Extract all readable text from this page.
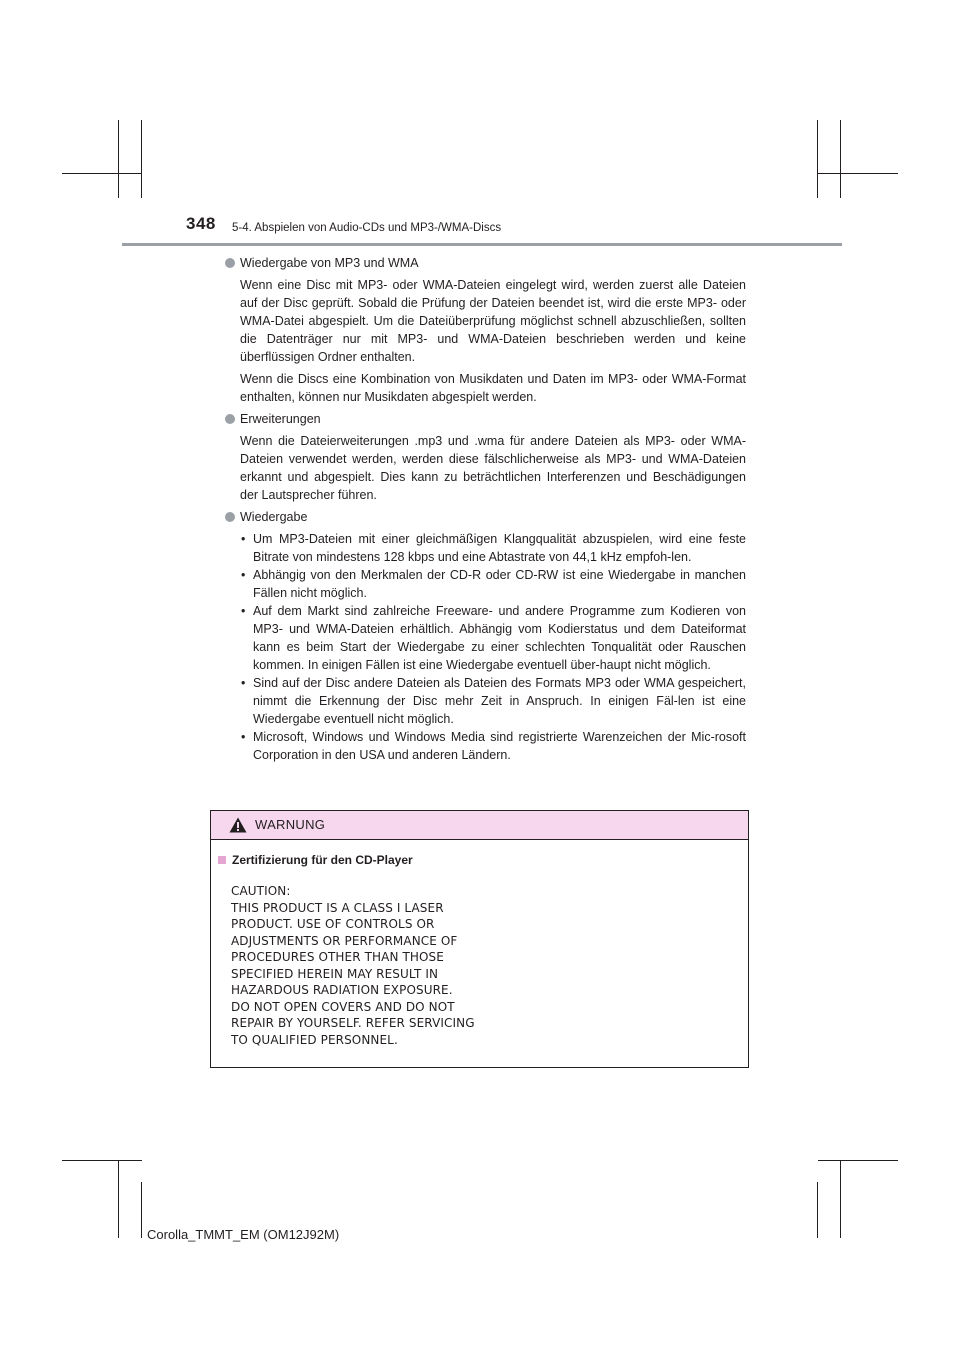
348 5-4. Abspielen von Audio-CDs und MP3-/WMA-Discs
Wiedergabe von MP3 und WMA

Wenn eine Disc mit MP3- oder WMA-Dateien eingelegt wird, werden zuerst alle Dateien auf der Disc geprüft. Sobald die Prüfung der Dateien beendet ist, wird die erste MP3- oder WMA-Datei abgespielt. Um die Dateiüberprüfung möglichst schnell abzuschließen, sollten die Datenträger nur mit MP3- und WMA-Dateien beschrieben werden und keine überflüssigen Ordner enthalten.

Wenn die Discs eine Kombination von Musikdaten und Daten im MP3- oder WMA-Format enthalten, können nur Musikdaten abgespielt werden.

Erweiterungen

Wenn die Dateierweiterungen .mp3 und .wma für andere Dateien als MP3- oder WMA-Dateien verwendet werden, werden diese fälschlicherweise als MP3- und WMA-Dateien erkannt und abgespielt. Dies kann zu beträchtlichen Interferenzen und Beschädigungen der Lautsprecher führen.

Wiedergabe
• Um MP3-Dateien mit einer gleichmäßigen Klangqualität abzuspielen, wird eine feste Bitrate von mindestens 128 kbps und eine Abtastrate von 44,1 kHz empfoh-len.
• Abhängig von den Merkmalen der CD-R oder CD-RW ist eine Wiedergabe in manchen Fällen nicht möglich.
• Auf dem Markt sind zahlreiche Freeware- und andere Programme zum Kodieren von MP3- und WMA-Dateien erhältlich. Abhängig vom Kodierstatus und dem Dateiformat kann es beim Start der Wiedergabe zu einer schlechten Tonqualität oder Rauschen kommen. In einigen Fällen ist eine Wiedergabe eventuell über-haupt nicht möglich.
• Sind auf der Disc andere Dateien als Dateien des Formats MP3 oder WMA gespeichert, nimmt die Erkennung der Disc mehr Zeit in Anspruch. In einigen Fäl-len ist eine Wiedergabe eventuell nicht möglich.
• Microsoft, Windows und Windows Media sind registrierte Warenzeichen der Mic-rosoft Corporation in den USA und anderen Ländern.
WARNUNG
Zertifizierung für den CD-Player
CAUTION:
THIS PRODUCT IS A CLASS Ⅰ LASER
PRODUCT. USE OF CONTROLS OR
ADJUSTMENTS OR PERFORMANCE OF
PROCEDURES OTHER THAN THOSE
SPECIFIED HEREIN MAY RESULT IN
HAZARDOUS RADIATION EXPOSURE.
DO NOT OPEN COVERS AND DO NOT
REPAIR BY YOURSELF. REFER SERVICING
TO QUALIFIED PERSONNEL.
Corolla_TMMT_EM (OM12J92M)
